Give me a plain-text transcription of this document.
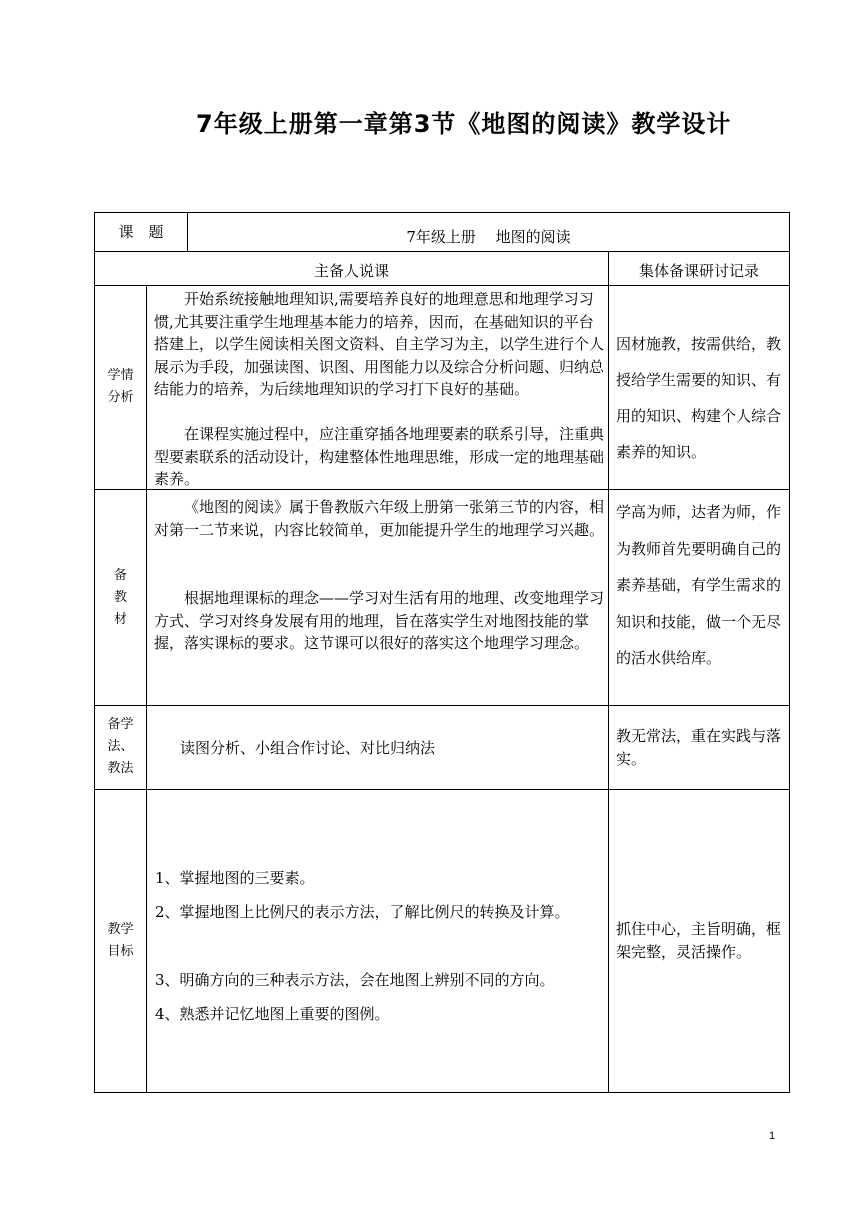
7年级上册第一章第3节《地图的阅读》教学设计
课　题	7年级上册　 地图的阅读
主备人说课	集体备课研讨记录
学情
分析
开始系统接触地理知识,需要培养良好的地理意思和地理学习习惯,尤其要注重学生地理基本能力的培养，因而，在基础知识的平台搭建上，以学生阅读相关图文资料、自主学习为主，以学生进行个人展示为手段，加强读图、识图、用图能力以及综合分析问题、归纳总结能力的培养，为后续地理知识的学习打下良好的基础。
在课程实施过程中，应注重穿插各地理要素的联系引导，注重典型要素联系的活动设计，构建整体性地理思维，形成一定的地理基础素养。
因材施教，按需供给，教授给学生需要的知识、有用的知识、构建个人综合素养的知识。
备
教
材
《地图的阅读》属于鲁教版六年级上册第一张第三节的内容，相对第一二节来说，内容比较简单，更加能提升学生的地理学习兴趣。
根据地理课标的理念——学习对生活有用的地理、改变地理学习方式、学习对终身发展有用的地理，旨在落实学生对地图技能的掌握，落实课标的要求。这节课可以很好的落实这个地理学习理念。
学高为师，达者为师，作为教师首先要明确自己的素养基础，有学生需求的知识和技能，做一个无尽的活水供给库。
备学
法、
教法
读图分析、小组合作讨论、对比归纳法
教无常法，重在实践与落实。
教学
目标
1、掌握地图的三要素。
2、掌握地图上比例尺的表示方法，了解比例尺的转换及计算。
3、明确方向的三种表示方法，会在地图上辨别不同的方向。
4、熟悉并记忆地图上重要的图例。
抓住中心，主旨明确，框架完整，灵活操作。
1
